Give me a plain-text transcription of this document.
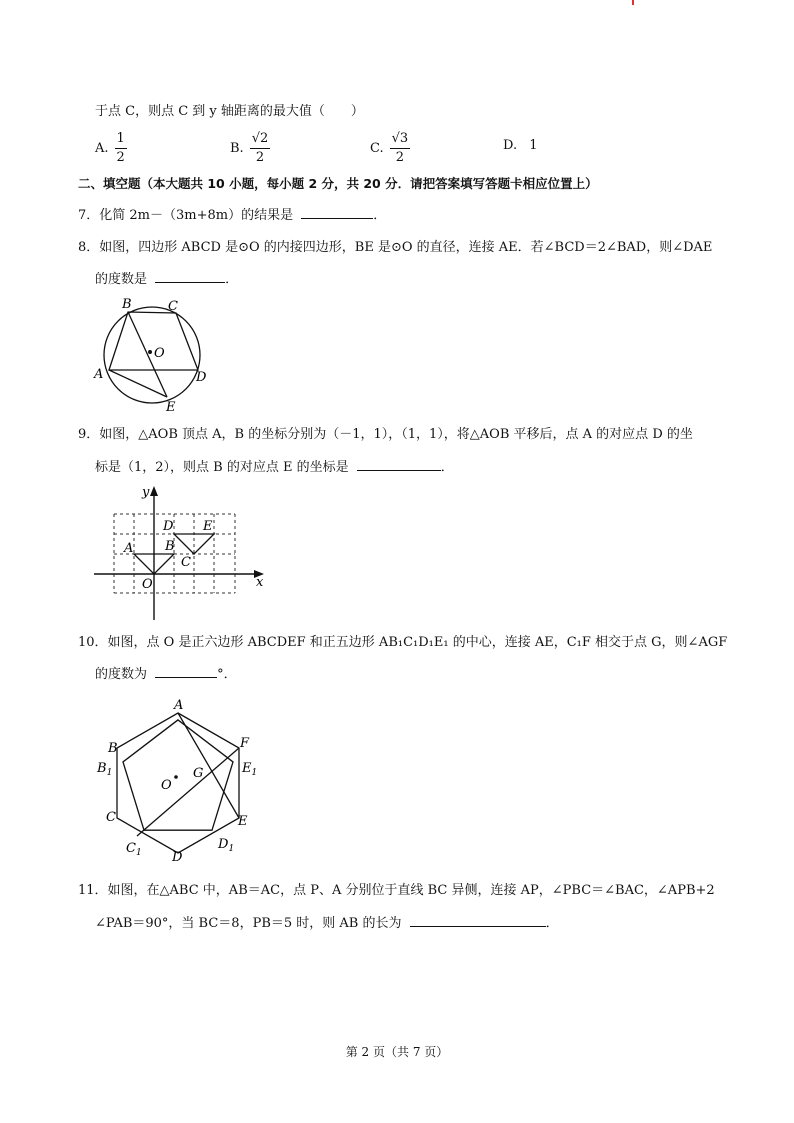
于点 C，则点 C 到 y 轴距离的最大值（　　）
A. $\frac{1}{2}$	B. $\frac{√2}{2}$	C. $\frac{√3}{2}$	D. 1
二、填空题（本大题共 10 小题，每小题 2 分，共 20 分．请把答案填写答题卡相应位置上）
7．化简 2m－（3m+8m）的结果是	．
8．如图，四边形 ABCD 是⊙O 的内接四边形，BE 是⊙O 的直径，连接 AE．若∠BCD＝2∠BAD，则∠DAE
的度数是	．
B	C
O
A	D
E
9．如图，△AOB 顶点 A，B 的坐标分别为（－1，1），（1，1），将△AOB 平移后，点 A 的对应点 D 的坐
标是（1，2），则点 B 的对应点 E 的坐标是	．
y
x
O
A B
C
D E
10．如图，点 O 是正六边形 ABCDEF 和正五边形 AB₁C₁D₁E₁ 的中心，连接 AE，C₁F 相交于点 G，则∠AGF
的度数为	°．
A
B
$B_1$
C
$C_1$ D
$D_1$
E
$E_1$
F
G
O
11．如图，在△ABC 中，AB＝AC，点 P、A 分别位于直线 BC 异侧，连接 AP，∠PBC＝∠BAC，∠APB+2
∠PAB＝90°，当 BC＝8，PB＝5 时，则 AB 的长为	．
第 2 页（共 7 页）
